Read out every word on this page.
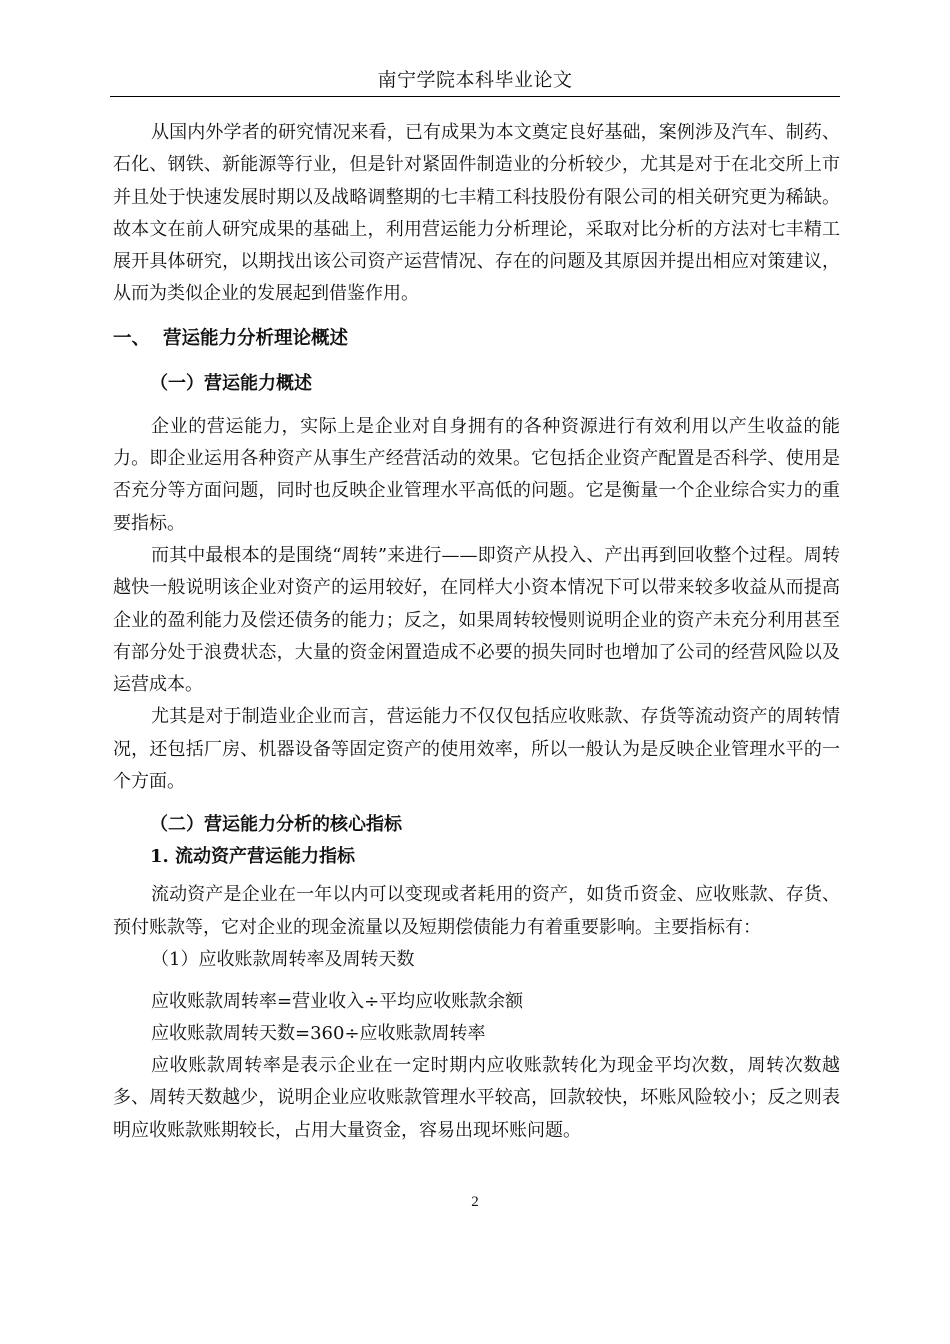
南宁学院本科毕业论文

从国内外学者的研究情况来看，已有成果为本文奠定良好基础，案例涉及汽车、制药、石化、钢铁、新能源等行业，但是针对紧固件制造业的分析较少，尤其是对于在北交所上市并且处于快速发展时期以及战略调整期的七丰精工科技股份有限公司的相关研究更为稀缺。故本文在前人研究成果的基础上，利用营运能力分析理论，采取对比分析的方法对七丰精工展开具体研究，以期找出该公司资产运营情况、存在的问题及其原因并提出相应对策建议，从而为类似企业的发展起到借鉴作用。

一、 营运能力分析理论概述

（一）营运能力概述

企业的营运能力，实际上是企业对自身拥有的各种资源进行有效利用以产生收益的能力。即企业运用各种资产从事生产经营活动的效果。它包括企业资产配置是否科学、使用是否充分等方面问题，同时也反映企业管理水平高低的问题。它是衡量一个企业综合实力的重要指标。

而其中最根本的是围绕“周转”来进行——即资产从投入、产出再到回收整个过程。周转越快一般说明该企业对资产的运用较好，在同样大小资本情况下可以带来较多收益从而提高企业的盈利能力及偿还债务的能力；反之，如果周转较慢则说明企业的资产未充分利用甚至有部分处于浪费状态，大量的资金闲置造成不必要的损失同时也增加了公司的经营风险以及运营成本。

尤其是对于制造业企业而言，营运能力不仅仅包括应收账款、存货等流动资产的周转情况，还包括厂房、机器设备等固定资产的使用效率，所以一般认为是反映企业管理水平的一个方面。

（二）营运能力分析的核心指标

1. 流动资产营运能力指标

流动资产是企业在一年以内可以变现或者耗用的资产，如货币资金、应收账款、存货、预付账款等，它对企业的现金流量以及短期偿债能力有着重要影响。主要指标有：

（1）应收账款周转率及周转天数

应收账款周转率=营业收入÷平均应收账款余额

应收账款周转天数=360÷应收账款周转率

应收账款周转率是表示企业在一定时期内应收账款转化为现金平均次数，周转次数越多、周转天数越少，说明企业应收账款管理水平较高，回款较快，坏账风险较小；反之则表明应收账款账期较长，占用大量资金，容易出现坏账问题。

2
